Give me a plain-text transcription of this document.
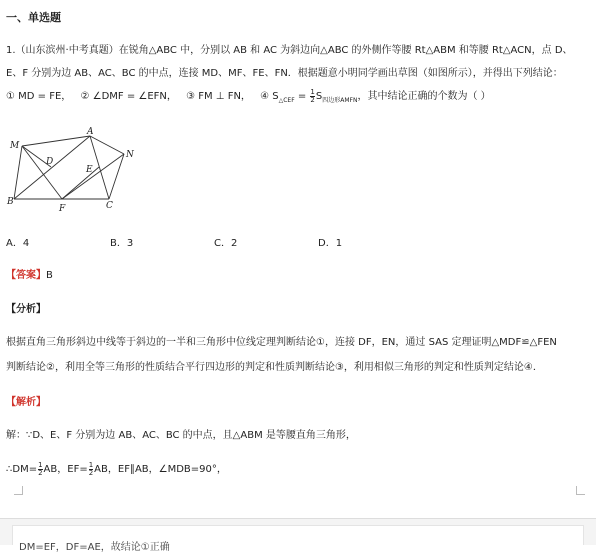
一、单选题
1.（山东滨州·中考真题）在锐角△ABC 中，分别以 AB 和 AC 为斜边向△ABC 的外侧作等腰 Rt△ABM 和等腰 Rt△ACN，点 D、
E、F 分别为边 AB、AC、BC 的中点，连接 MD、MF、FE、FN．根据题意小明同学画出草图（如图所示），并得出下列结论：
① MD = FE， ② ∠DMF = ∠EFN， ③ FM ⊥ FN， ④ $S_{\triangle CEF} = \frac{1}{2} S_{四边形AMFN}$，其中结论正确的个数为（ ）
M
A
N
D
E
B
F	C
A．4	B．3	C．2	D．1
【答案】B
【分析】
根据直角三角形斜边中线等于斜边的一半和三角形中位线定理判断结论①，连接 DF，EN，通过 SAS 定理证明△MDF≌△FEN
判断结论②，利用全等三角形的性质结合平行四边形的判定和性质判断结论③，利用相似三角形的判定和性质判定结论④．
【解析】
解：∵D、E、F 分别为边 AB、AC、BC 的中点，且△ABM 是等腰直角三角形，
∴DM= $\frac{1}{2}$ AB，$EF= \frac{1}{2}$ AB，EF∥AB，∠MDB=90°，
DM=EF，DF=AE，故结论①正确
